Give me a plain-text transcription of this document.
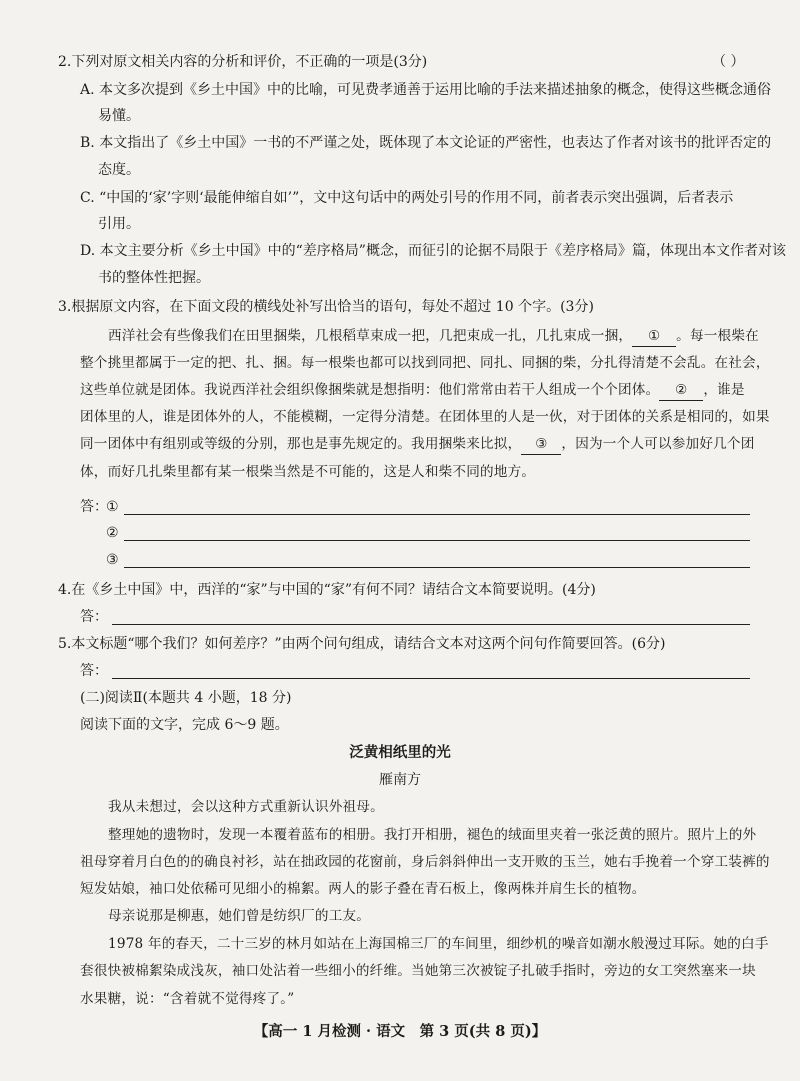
2.下列对原文相关内容的分析和评价，不正确的一项是(3分)	（ ）
A. 本文多次提到《乡土中国》中的比喻，可见费孝通善于运用比喻的手法来描述抽象的概念，使得这些概念通俗
易懂。
B. 本文指出了《乡土中国》一书的不严谨之处，既体现了本文论证的严密性，也表达了作者对该书的批评否定的
态度。
C. “中国的‘家’字则‘最能伸缩自如’”，文中这句话中的两处引号的作用不同，前者表示突出强调，后者表示
引用。
D. 本文主要分析《乡土中国》中的“差序格局”概念，而征引的论据不局限于《差序格局》篇，体现出本文作者对该
书的整体性把握。
3.根据原文内容，在下面文段的横线处补写出恰当的语句，每处不超过 10 个字。(3分)
西洋社会有些像我们在田里捆柴，几根稻草束成一把，几把束成一扎，几扎束成一捆， ① 。每一根柴在
整个挑里都属于一定的把、扎、捆。每一根柴也都可以找到同把、同扎、同捆的柴，分扎得清楚不会乱。在社会，
这些单位就是团体。我说西洋社会组织像捆柴就是想指明：他们常常由若干人组成一个个团体。 ② ，谁是
团体里的人，谁是团体外的人，不能模糊，一定得分清楚。在团体里的人是一伙，对于团体的关系是相同的，如果
同一团体中有组别或等级的分别，那也是事先规定的。我用捆柴来比拟， ③ ，因为一个人可以参加好几个团
体，而好几扎柴里都有某一根柴当然是不可能的，这是人和柴不同的地方。
答：
①
②
③
4.在《乡土中国》中，西洋的“家”与中国的“家”有何不同？请结合文本简要说明。(4分)
答：
5.本文标题“哪个我们？如何差序？”由两个问句组成，请结合文本对这两个问句作简要回答。(6分)
答：
(二)阅读Ⅱ(本题共 4 小题，18 分)
阅读下面的文字，完成 6～9 题。
泛黄相纸里的光
雁南方
我从未想过，会以这种方式重新认识外祖母。
整理她的遗物时，发现一本覆着蓝布的相册。我打开相册，褪色的绒面里夹着一张泛黄的照片。照片上的外
祖母穿着月白色的的确良衬衫，站在拙政园的花窗前，身后斜斜伸出一支开败的玉兰，她右手挽着一个穿工装裤的
短发姑娘，袖口处依稀可见细小的棉絮。两人的影子叠在青石板上，像两株并肩生长的植物。
母亲说那是柳惠，她们曾是纺织厂的工友。
1978 年的春天，二十三岁的林月如站在上海国棉三厂的车间里，细纱机的噪音如潮水般漫过耳际。她的白手
套很快被棉絮染成浅灰，袖口处沾着一些细小的纤维。当她第三次被锭子扎破手指时，旁边的女工突然塞来一块
水果糖，说：“含着就不觉得疼了。”
【高一 1 月检测 · 语文　第 3 页(共 8 页)】
